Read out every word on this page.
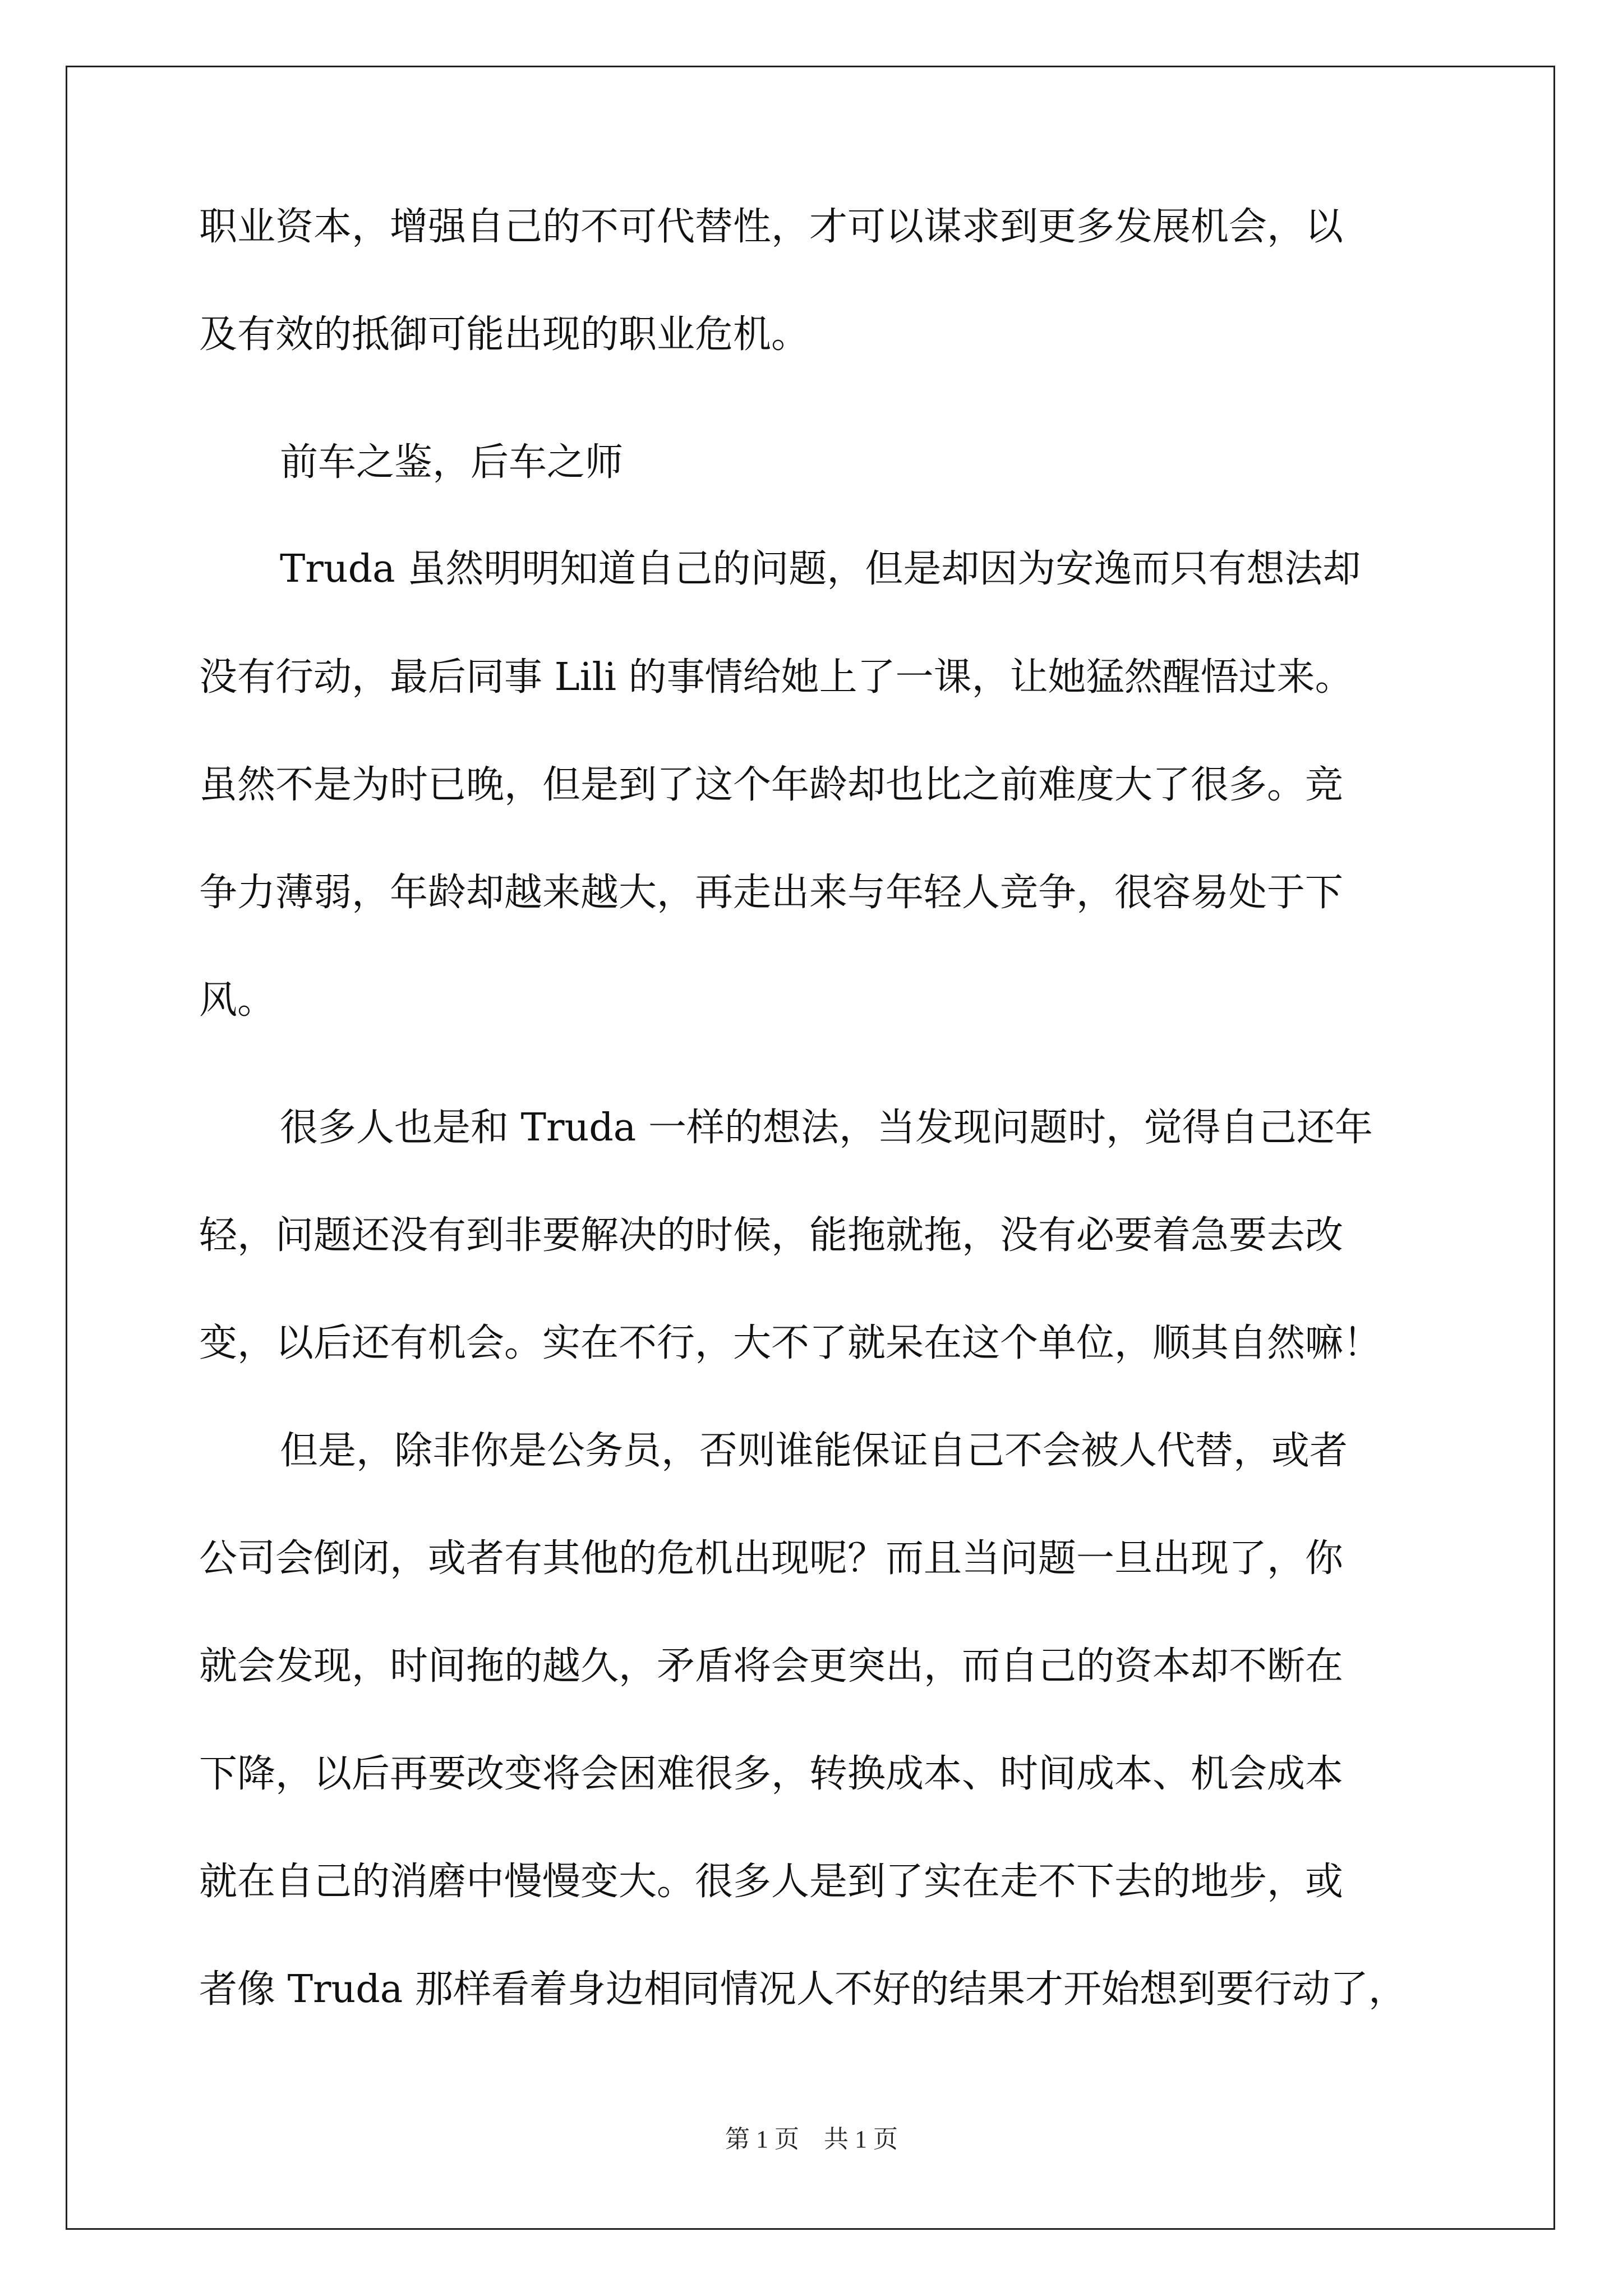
职业资本，增强自己的不可代替性，才可以谋求到更多发展机会，以
及有效的抵御可能出现的职业危机。
前车之鉴，后车之师
Truda 虽然明明知道自己的问题，但是却因为安逸而只有想法却
没有行动，最后同事 Lili 的事情给她上了一课，让她猛然醒悟过来。
虽然不是为时已晚，但是到了这个年龄却也比之前难度大了很多。竞
争力薄弱，年龄却越来越大，再走出来与年轻人竞争，很容易处于下
风。
很多人也是和 Truda 一样的想法，当发现问题时，觉得自己还年
轻，问题还没有到非要解决的时候，能拖就拖，没有必要着急要去改
变，以后还有机会。实在不行，大不了就呆在这个单位，顺其自然嘛！
但是，除非你是公务员，否则谁能保证自己不会被人代替，或者
公司会倒闭，或者有其他的危机出现呢？而且当问题一旦出现了，你
就会发现，时间拖的越久，矛盾将会更突出，而自己的资本却不断在
下降，以后再要改变将会困难很多，转换成本、时间成本、机会成本
就在自己的消磨中慢慢变大。很多人是到了实在走不下去的地步，或
者像 Truda 那样看着身边相同情况人不好的结果才开始想到要行动了，
第 1 页　共 1 页
